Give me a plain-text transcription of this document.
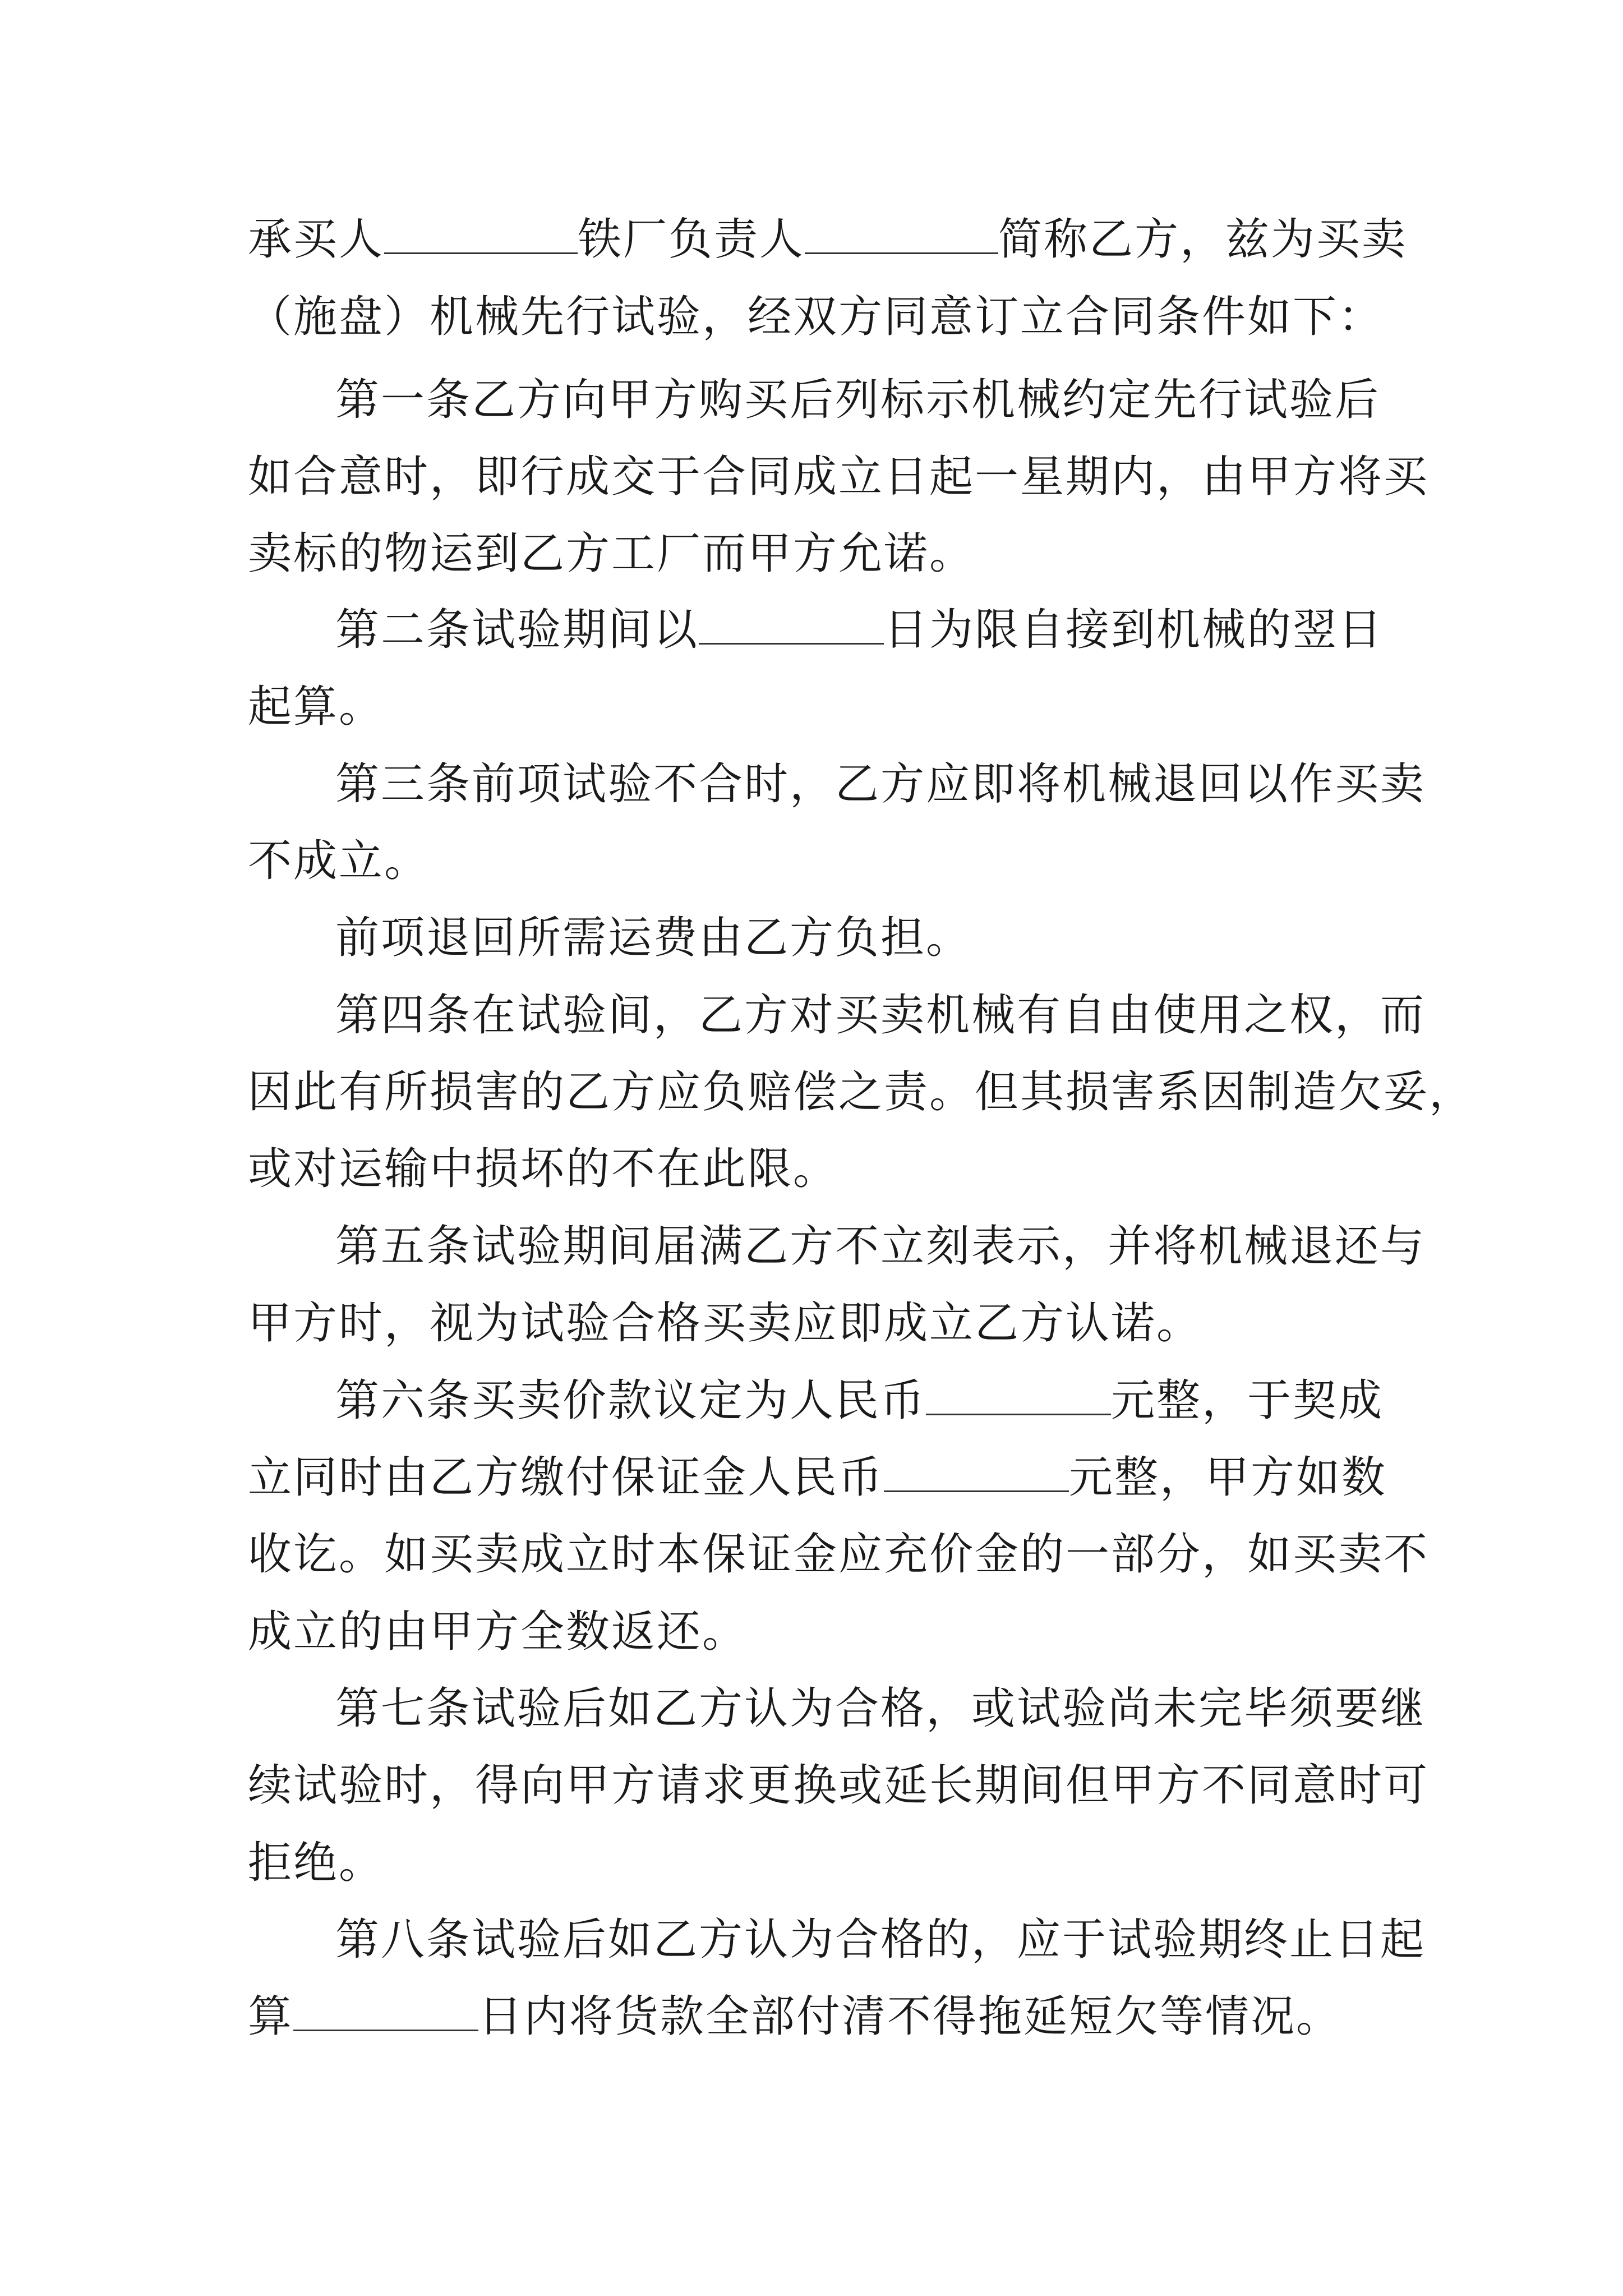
承买人	铁厂负责人	简称乙方，兹为买卖
（施盘）机械先行试验，经双方同意订立合同条件如下：
第一条乙方向甲方购买后列标示机械约定先行试验后
如合意时，即行成交于合同成立日起一星期内，由甲方将买
卖标的物运到乙方工厂而甲方允诺。
第二条试验期间以	日为限自接到机械的翌日
起算。
第三条前项试验不合时，乙方应即将机械退回以作买卖
不成立。
前项退回所需运费由乙方负担。
第四条在试验间，乙方对买卖机械有自由使用之权，而
因此有所损害的乙方应负赔偿之责。但其损害系因制造欠妥，
或对运输中损坏的不在此限。
第五条试验期间届满乙方不立刻表示，并将机械退还与
甲方时，视为试验合格买卖应即成立乙方认诺。
第六条买卖价款议定为人民币	元整，于契成
立同时由乙方缴付保证金人民币	元整，甲方如数
收讫。如买卖成立时本保证金应充价金的一部分，如买卖不
成立的由甲方全数返还。
第七条试验后如乙方认为合格，或试验尚未完毕须要继
续试验时，得向甲方请求更换或延长期间但甲方不同意时可
拒绝。
第八条试验后如乙方认为合格的，应于试验期终止日起
算	日内将货款全部付清不得拖延短欠等情况。
